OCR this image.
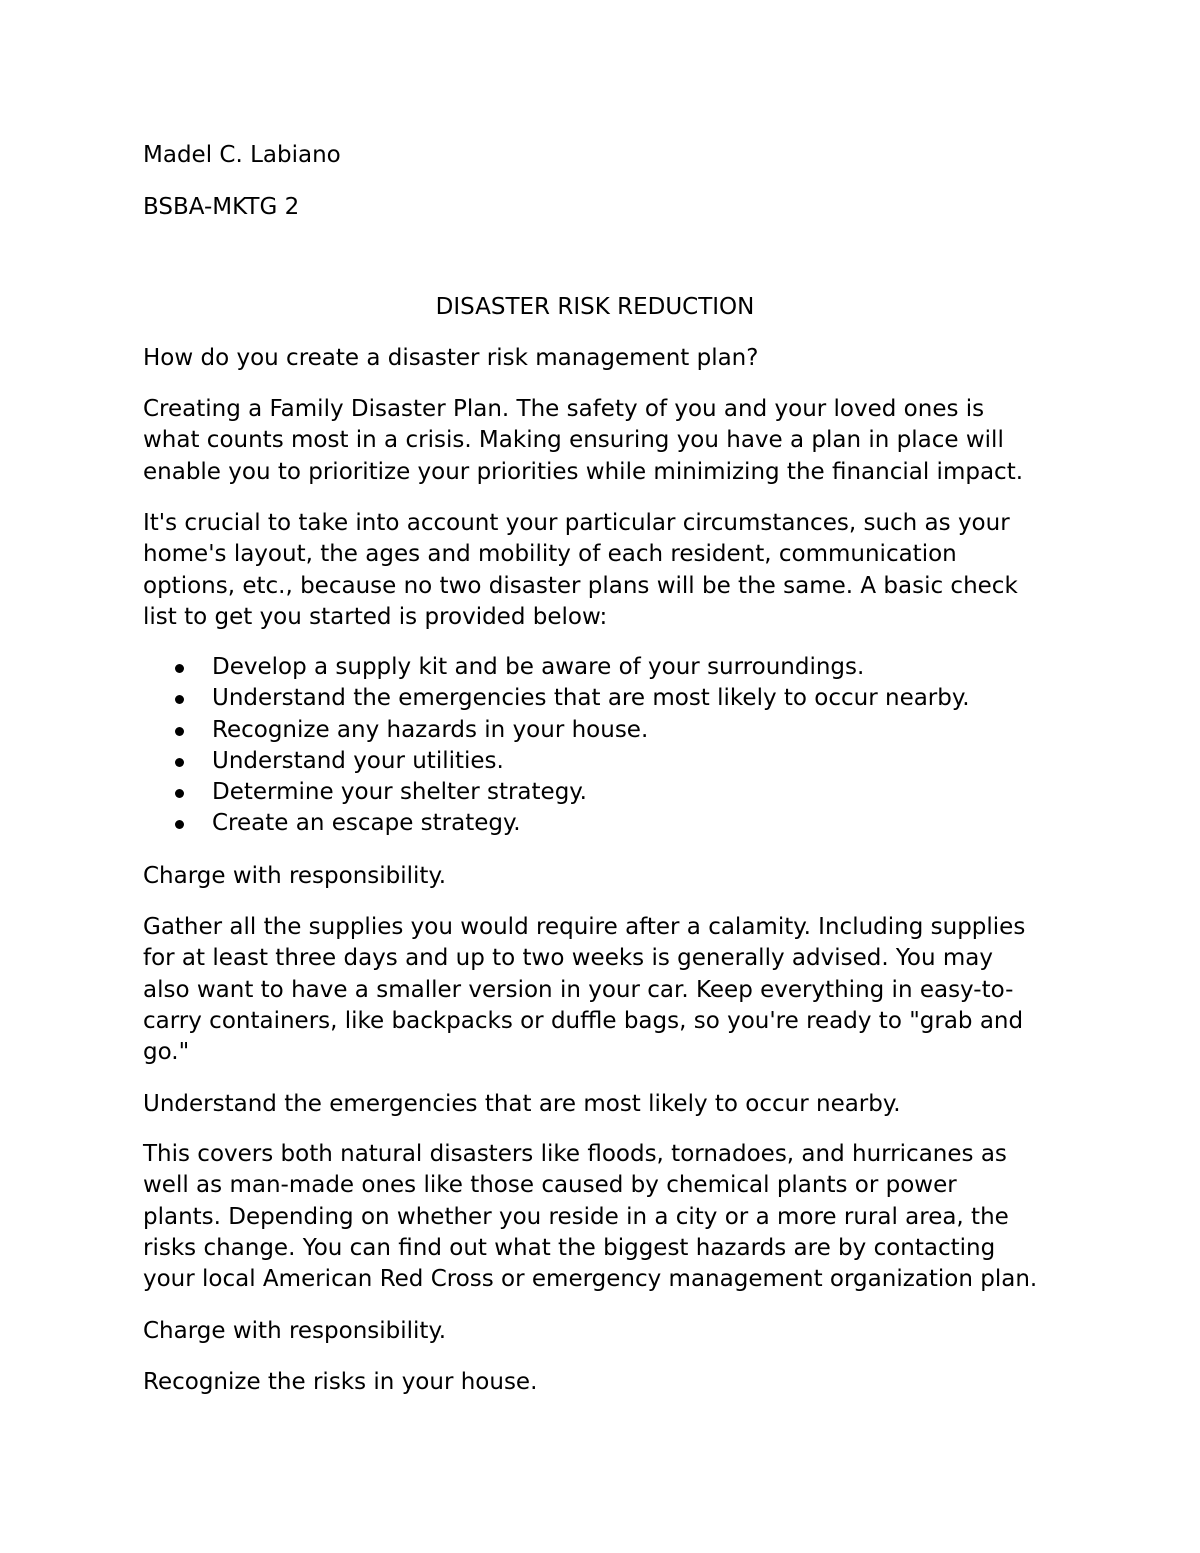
Madel C. Labiano

BSBA-MKTG 2

DISASTER RISK REDUCTION

How do you create a disaster risk management plan?

Creating a Family Disaster Plan. The safety of you and your loved ones is
what counts most in a crisis. Making ensuring you have a plan in place will
enable you to prioritize your priorities while minimizing the financial impact.
It's crucial to take into account your particular circumstances, such as your
home's layout, the ages and mobility of each resident, communication
options, etc., because no two disaster plans will be the same. A basic check
list to get you started is provided below:
Develop a supply kit and be aware of your surroundings.
Understand the emergencies that are most likely to occur nearby.
Recognize any hazards in your house.
Understand your utilities.
Determine your shelter strategy.
Create an escape strategy.

Charge with responsibility.

Gather all the supplies you would require after a calamity. Including supplies
for at least three days and up to two weeks is generally advised. You may
also want to have a smaller version in your car. Keep everything in easy-to-
carry containers, like backpacks or duffle bags, so you're ready to "grab and
go."

Understand the emergencies that are most likely to occur nearby.

This covers both natural disasters like floods, tornadoes, and hurricanes as
well as man-made ones like those caused by chemical plants or power
plants. Depending on whether you reside in a city or a more rural area, the
risks change. You can find out what the biggest hazards are by contacting
your local American Red Cross or emergency management organization plan.

Charge with responsibility.

Recognize the risks in your house.
